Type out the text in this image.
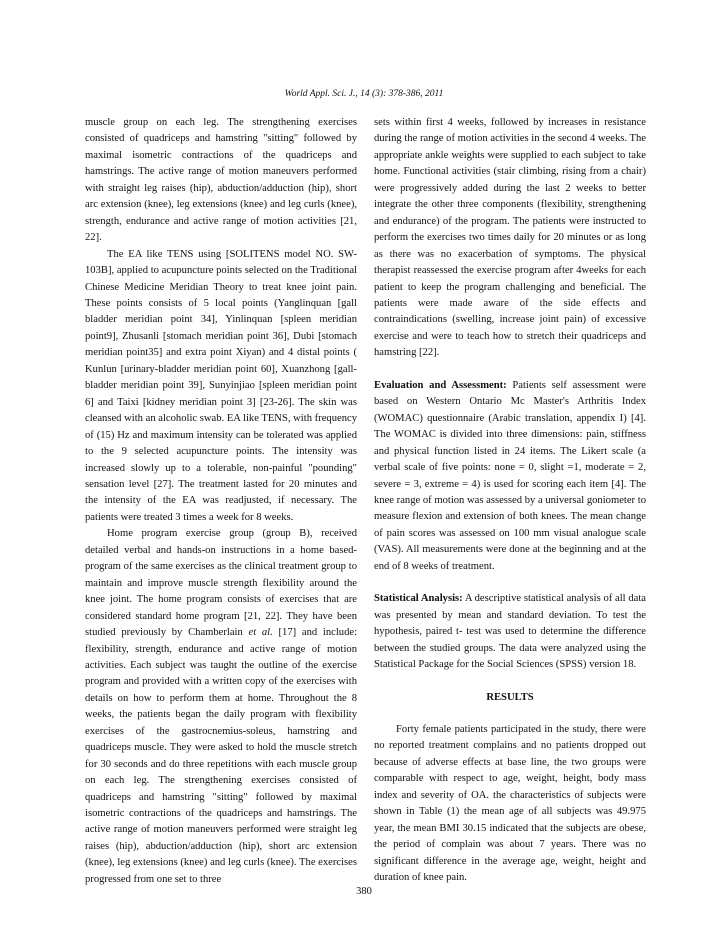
World Appl. Sci. J., 14 (3): 378-386, 2011

muscle group on each leg. The strengthening exercises consisted of quadriceps and hamstring "sitting" followed by maximal isometric contractions of the quadriceps and hamstrings. The active range of motion maneuvers performed with straight leg raises (hip), abduction/adduction (hip), short arc extension (knee), leg extensions (knee) and leg curls (knee), strength, endurance and active range of motion activities [21, 22].

The EA like TENS using [SOLITENS model NO. SW-103B], applied to acupuncture points selected on the Traditional Chinese Medicine Meridian Theory to treat knee joint pain. These points consists of 5 local points (Yanglinquan [gall bladder meridian point 34], Yinlinquan [spleen meridian point9], Zhusanli [stomach meridian point 36], Dubi [stomach meridian point35] and extra point Xiyan) and 4 distal points ( Kunlun [urinary-bladder meridian point 60], Xuanzhong [gall-bladder meridian point 39], Sunyinjiao [spleen meridian point 6] and Taixi [kidney meridian point 3] [23-26]. The skin was cleansed with an alcoholic swab. EA like TENS, with frequency of (15) Hz and maximum intensity can be tolerated was applied to the 9 selected acupuncture points. The intensity was increased slowly up to a tolerable, non-painful "pounding" sensation level [27]. The treatment lasted for 20 minutes and the intensity of the EA was readjusted, if necessary. The patients were treated 3 times a week for 8 weeks.

Home program exercise group (group B), received detailed verbal and hands-on instructions in a home based-program of the same exercises as the clinical treatment group to maintain and improve muscle strength flexibility around the knee joint. The home program consists of exercises that are considered standard home program [21, 22]. They have been studied previously by Chamberlain et al. [17] and include: flexibility, strength, endurance and active range of motion activities. Each subject was taught the outline of the exercise program and provided with a written copy of the exercises with details on how to perform them at home. Throughout the 8 weeks, the patients began the daily program with flexibility exercises of the gastrocnemius-soleus, hamstring and quadriceps muscle. They were asked to hold the muscle stretch for 30 seconds and do three repetitions with each muscle group on each leg. The strengthening exercises consisted of quadriceps and hamstring "sitting" followed by maximal isometric contractions of the quadriceps and hamstrings. The active range of motion maneuvers performed were straight leg raises (hip), abduction/adduction (hip), short arc extension (knee), leg extensions (knee) and leg curls (knee). The exercises progressed from one set to three

sets within first 4 weeks, followed by increases in resistance during the range of motion activities in the second 4 weeks. The appropriate ankle weights were supplied to each subject to take home. Functional activities (stair climbing, rising from a chair) were progressively added during the last 2 weeks to better integrate the other three components (flexibility, strengthening and endurance) of the program. The patients were instructed to perform the exercises two times daily for 20 minutes or as long as there was no exacerbation of symptoms. The physical therapist reassessed the exercise program after 4weeks for each patient to keep the program challenging and beneficial. The patients were made aware of the side effects and contraindications (swelling, increase joint pain) of excessive exercise and were to teach how to stretch their quadriceps and hamstring [22].

Evaluation and Assessment: Patients self assessment were based on Western Ontario Mc Master's Arthritis Index (WOMAC) questionnaire (Arabic translation, appendix I) [4]. The WOMAC is divided into three dimensions: pain, stiffness and physical function listed in 24 items. The Likert scale (a verbal scale of five points: none = 0, slight =1, moderate = 2, severe = 3, extreme = 4) is used for scoring each item [4]. The knee range of motion was assessed by a universal goniometer to measure flexion and extension of both knees. The mean change of pain scores was assessed on 100 mm visual analogue scale (VAS). All measurements were done at the beginning and at the end of 8 weeks of treatment.

Statistical Analysis: A descriptive statistical analysis of all data was presented by mean and standard deviation. To test the hypothesis, paired t- test was used to determine the difference between the studied groups. The data were analyzed using the Statistical Package for the Social Sciences (SPSS) version 18.

RESULTS

Forty female patients participated in the study, there were no reported treatment complains and no patients dropped out because of adverse effects at base line, the two groups were comparable with respect to age, weight, height, body mass index and severity of OA. the characteristics of subjects were shown in Table (1) the mean age of all subjects was 49.975 year, the mean BMI 30.15 indicated that the subjects are obese, the period of complain was about 7 years. There was no significant difference in the average age, weight, height and duration of knee pain.

380
